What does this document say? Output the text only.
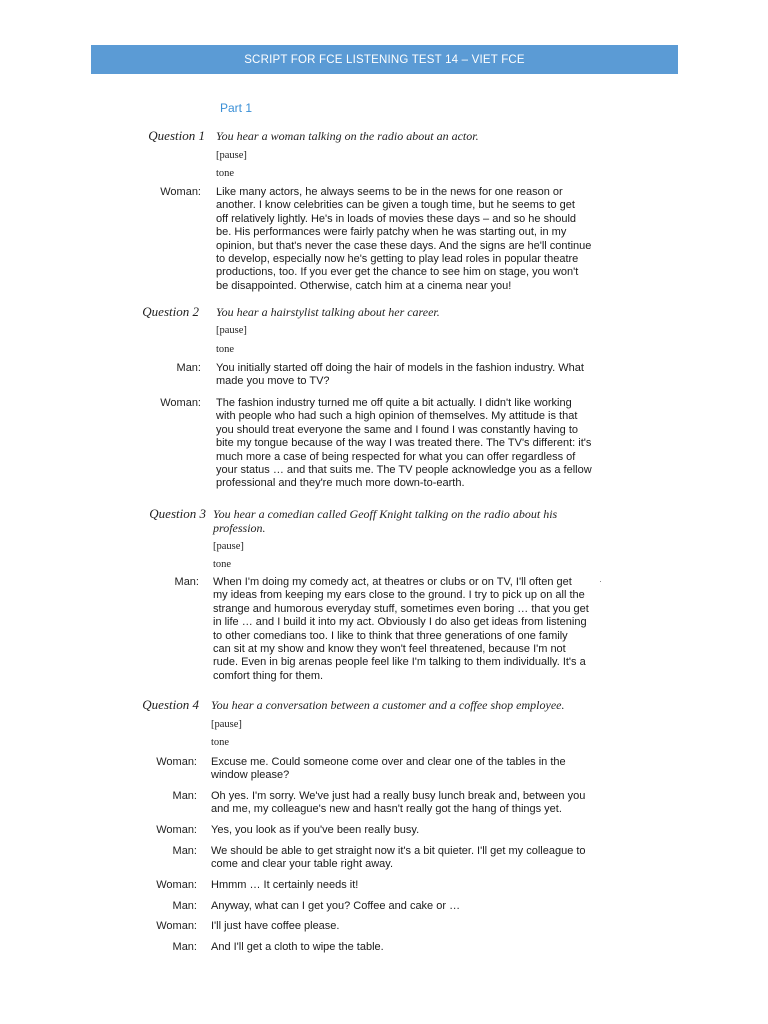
SCRIPT FOR FCE LISTENING TEST 14 – VIET FCE
Part 1
Question 1 You hear a woman talking on the radio about an actor.
[pause]
tone
Woman: Like many actors, he always seems to be in the news for one reason or
another. I know celebrities can be given a tough time, but he seems to get
off relatively lightly. He's in loads of movies these days – and so he should
be. His performances were fairly patchy when he was starting out, in my
opinion, but that's never the case these days. And the signs are he'll continue
to develop, especially now he's getting to play lead roles in popular theatre
productions, too. If you ever get the chance to see him on stage, you won't
be disappointed. Otherwise, catch him at a cinema near you!
Question 2 You hear a hairstylist talking about her career.
[pause]
tone
Man: You initially started off doing the hair of models in the fashion industry. What
made you move to TV?
Woman: The fashion industry turned me off quite a bit actually. I didn't like working
with people who had such a high opinion of themselves. My attitude is that
you should treat everyone the same and I found I was constantly having to
bite my tongue because of the way I was treated there. The TV's different: it's
much more a case of being respected for what you can offer regardless of
your status … and that suits me. The TV people acknowledge you as a fellow
professional and they're much more down-to-earth.
Question 3 You hear a comedian called Geoff Knight talking on the radio about his
profession.
[pause]
tone
Man: When I'm doing my comedy act, at theatres or clubs or on TV, I'll often get
my ideas from keeping my ears close to the ground. I try to pick up on all the
strange and humorous everyday stuff, sometimes even boring … that you get
in life … and I build it into my act. Obviously I do also get ideas from listening
to other comedians too. I like to think that three generations of one family
can sit at my show and know they won't feel threatened, because I'm not
rude. Even in big arenas people feel like I'm talking to them individually. It's a
comfort thing for them.
Question 4 You hear a conversation between a customer and a coffee shop employee.
[pause]
tone
Woman: Excuse me. Could someone come over and clear one of the tables in the
window please?
Man: Oh yes. I'm sorry. We've just had a really busy lunch break and, between you
and me, my colleague's new and hasn't really got the hang of things yet.
Woman: Yes, you look as if you've been really busy.
Man: We should be able to get straight now it's a bit quieter. I'll get my colleague to
come and clear your table right away.
Woman: Hmmm … It certainly needs it!
Man: Anyway, what can I get you? Coffee and cake or …
Woman: I'll just have coffee please.
Man: And I'll get a cloth to wipe the table.
